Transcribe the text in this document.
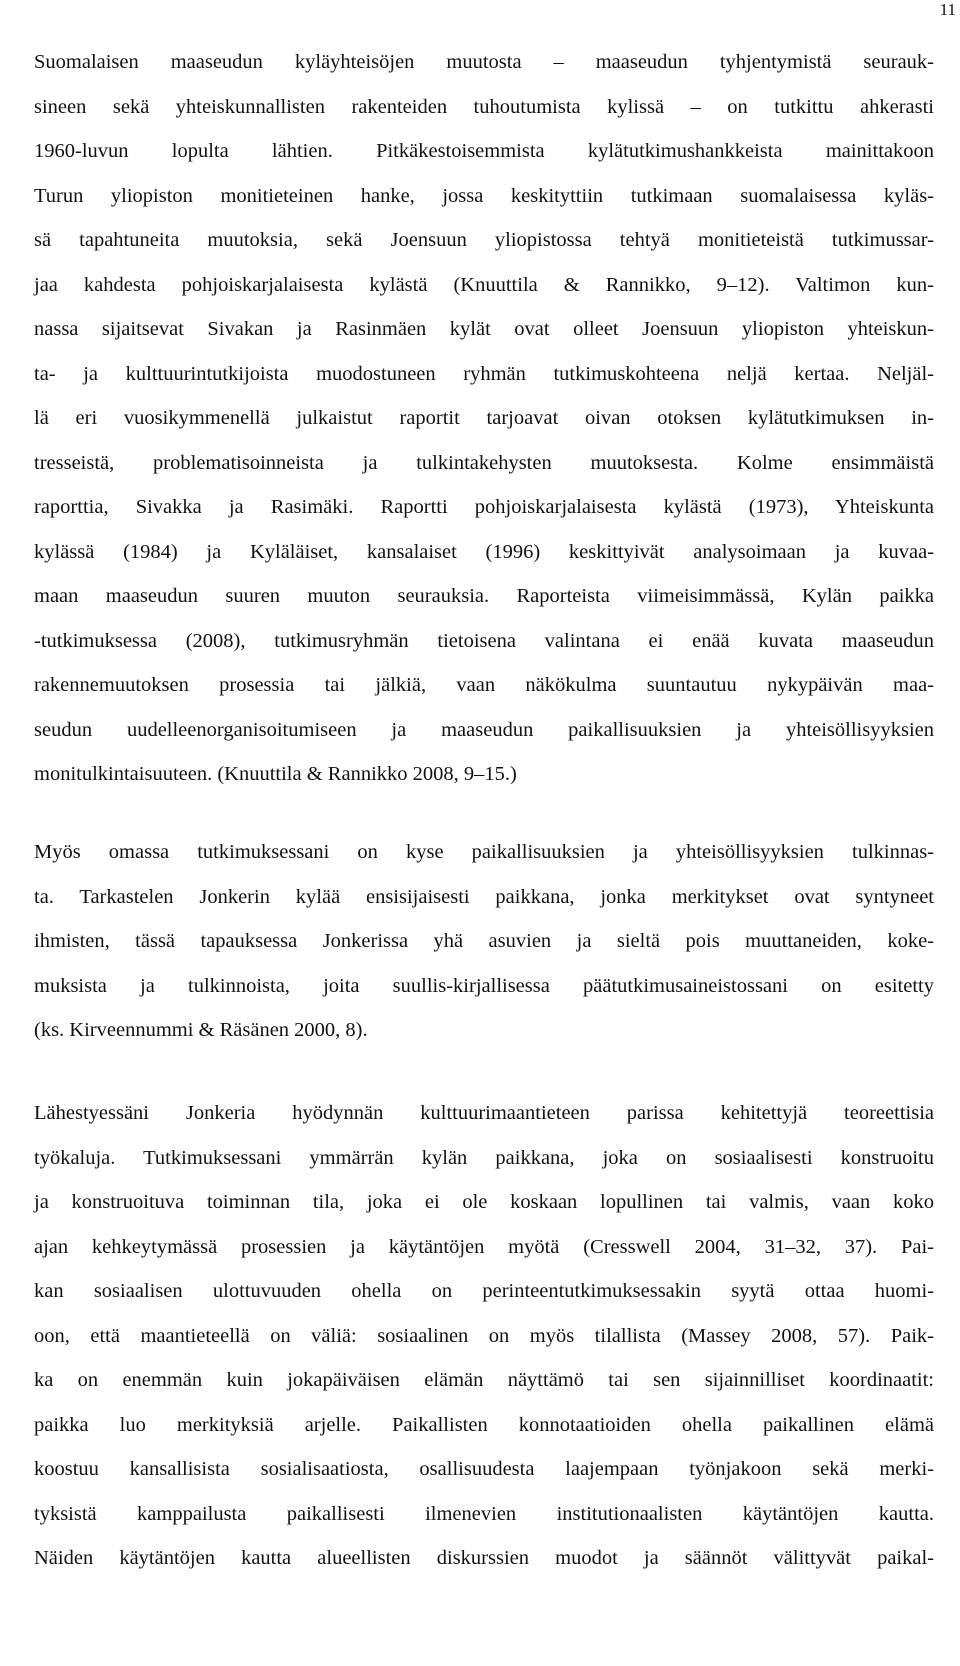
11
Suomalaisen maaseudun kyläyhteisöjen muutosta – maaseudun tyhjentymistä seurauk-
sineen sekä yhteiskunnallisten rakenteiden tuhoutumista kylissä – on tutkittu ahkerasti
1960-luvun lopulta lähtien. Pitkäkestoisemmista kylätutkimushankkeista mainittakoon
Turun yliopiston monitieteinen hanke, jossa keskityttiin tutkimaan suomalaisessa kyläs-
sä tapahtuneita muutoksia, sekä Joensuun yliopistossa tehtyä monitieteistä tutkimussar-
jaa kahdesta pohjoiskarjalaisesta kylästä (Knuuttila & Rannikko, 9–12). Valtimon kun-
nassa sijaitsevat Sivakan ja Rasinmäen kylät ovat olleet Joensuun yliopiston yhteiskun-
ta- ja kulttuurintutkijoista muodostuneen ryhmän tutkimuskohteena neljä kertaa. Neljäl-
lä eri vuosikymmenellä julkaistut raportit tarjoavat oivan otoksen kylätutkimuksen in-
tresseistä, problematisoinneista ja tulkintakehysten muutoksesta. Kolme ensimmäistä
raporttia, Sivakka ja Rasimäki. Raportti pohjoiskarjalaisesta kylästä (1973), Yhteiskunta
kylässä (1984) ja Kyläläiset, kansalaiset (1996) keskittyivät analysoimaan ja kuvaa-
maan maaseudun suuren muuton seurauksia. Raporteista viimeisimmässä, Kylän paikka
-tutkimuksessa (2008), tutkimusryhmän tietoisena valintana ei enää kuvata maaseudun
rakennemuutoksen prosessia tai jälkiä, vaan näkökulma suuntautuu nykypäivän maa-
seudun uudelleenorganisoitumiseen ja maaseudun paikallisuuksien ja yhteisöllisyyksien
monitulkintaisuuteen. (Knuuttila & Rannikko 2008, 9–15.)
Myös omassa tutkimuksessani on kyse paikallisuuksien ja yhteisöllisyyksien tulkinnas-
ta. Tarkastelen Jonkerin kylää ensisijaisesti paikkana, jonka merkitykset ovat syntyneet
ihmisten, tässä tapauksessa Jonkerissa yhä asuvien ja sieltä pois muuttaneiden, koke-
muksista ja tulkinnoista, joita suullis-kirjallisessa päätutkimusaineistossani on esitetty
(ks. Kirveennummi & Räsänen 2000, 8).
Lähestyessäni Jonkeria hyödynnän kulttuurimaantieteen parissa kehitettyjä teoreettisia
työkaluja. Tutkimuksessani ymmärrän kylän paikkana, joka on sosiaalisesti konstruoitu
ja konstruoituva toiminnan tila, joka ei ole koskaan lopullinen tai valmis, vaan koko
ajan kehkeytymässä prosessien ja käytäntöjen myötä (Cresswell 2004, 31–32, 37). Pai-
kan sosiaalisen ulottuvuuden ohella on perinteentutkimuksessakin syytä ottaa huomi-
oon, että maantieteellä on väliä: sosiaalinen on myös tilallista (Massey 2008, 57). Paik-
ka on enemmän kuin jokapäiväisen elämän näyttämö tai sen sijainnilliset koordinaatit:
paikka luo merkityksiä arjelle. Paikallisten konnotaatioiden ohella paikallinen elämä
koostuu kansallisista sosialisaatiosta, osallisuudesta laajempaan työnjakoon sekä merki-
tyksistä kamppailusta paikallisesti ilmenevien institutionaalisten käytäntöjen kautta.
Näiden käytäntöjen kautta alueellisten diskurssien muodot ja säännöt välittyvät paikal-
